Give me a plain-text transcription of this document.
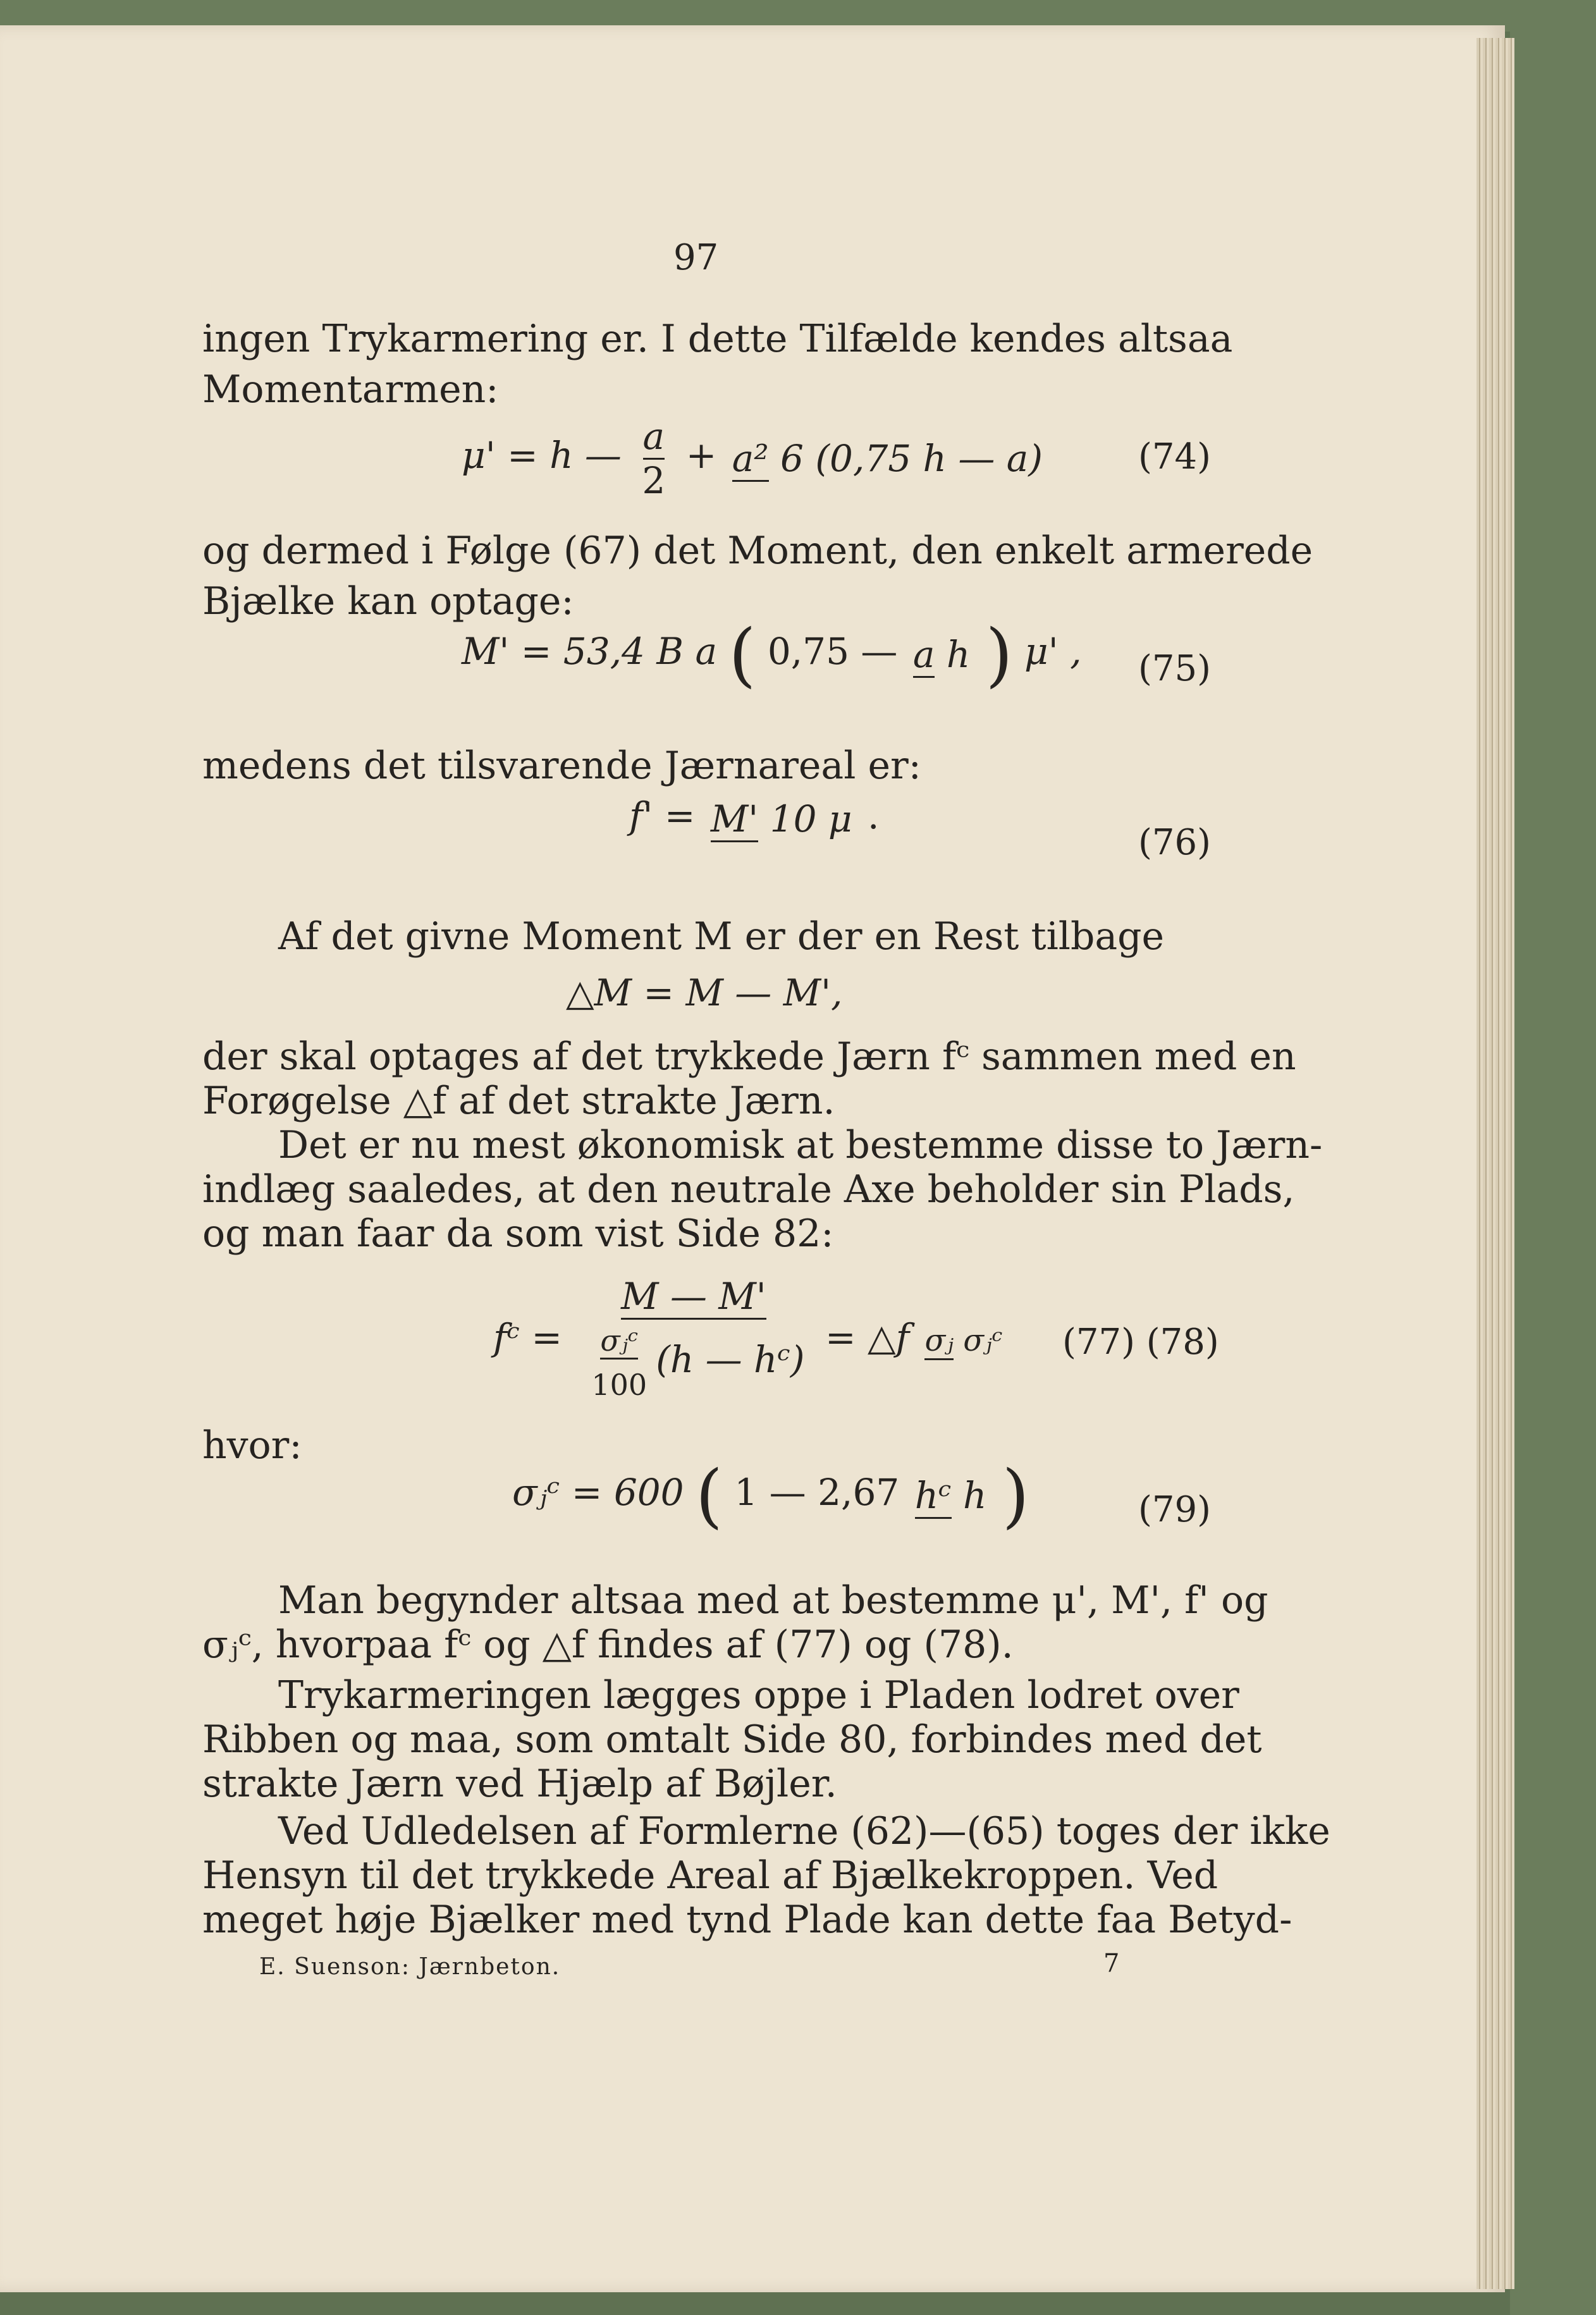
97
ingen Trykarmering er. I dette Tilfælde kendes altsaa
Momentarmen:
μ' = h — $\frac{a}{2} + a^2$ 6 (0,75 h — a)	(74)
og dermed i Følge (67) det Moment, den enkelt armerede
Bjælke kan optage:
M' = 53,4 B a ( 0,75 — a h ) μ' , (75)
medens det tilsvarende Jærnareal er:
f' = M' 10 μ .
(76)
Af det givne Moment M er der en Rest tilbage
△M = M — M',
der skal optages af det trykkede Jærn fᶜ sammen med en
Forøgelse △f af det strakte Jærn.
Det er nu mest økonomisk at bestemme disse to Jærn-
indlæg saaledes, at den neutrale Axe beholder sin Plads,
og man faar da som vist Side 82:
fᶜ = $\frac{M — M'}{\frac{\text{σⱼᶜ}}{100} (h — hᶜ)}$ = △f σⱼ σⱼᶜ (77) (78)
hvor:
σⱼᶜ = 600 ( 1 — 2,67 hᶜ h )	(79)
Man begynder altsaa med at bestemme μ', M', f' og
σⱼᶜ, hvorpaa fᶜ og △f findes af (77) og (78).
Trykarmeringen lægges oppe i Pladen lodret over
Ribben og maa, som omtalt Side 80, forbindes med det
strakte Jærn ved Hjælp af Bøjler.
Ved Udledelsen af Formlerne (62)—(65) toges der ikke
Hensyn til det trykkede Areal af Bjælkekroppen. Ved
meget høje Bjælker med tynd Plade kan dette faa Betyd-
E. Suenson: Jærnbeton.	7
